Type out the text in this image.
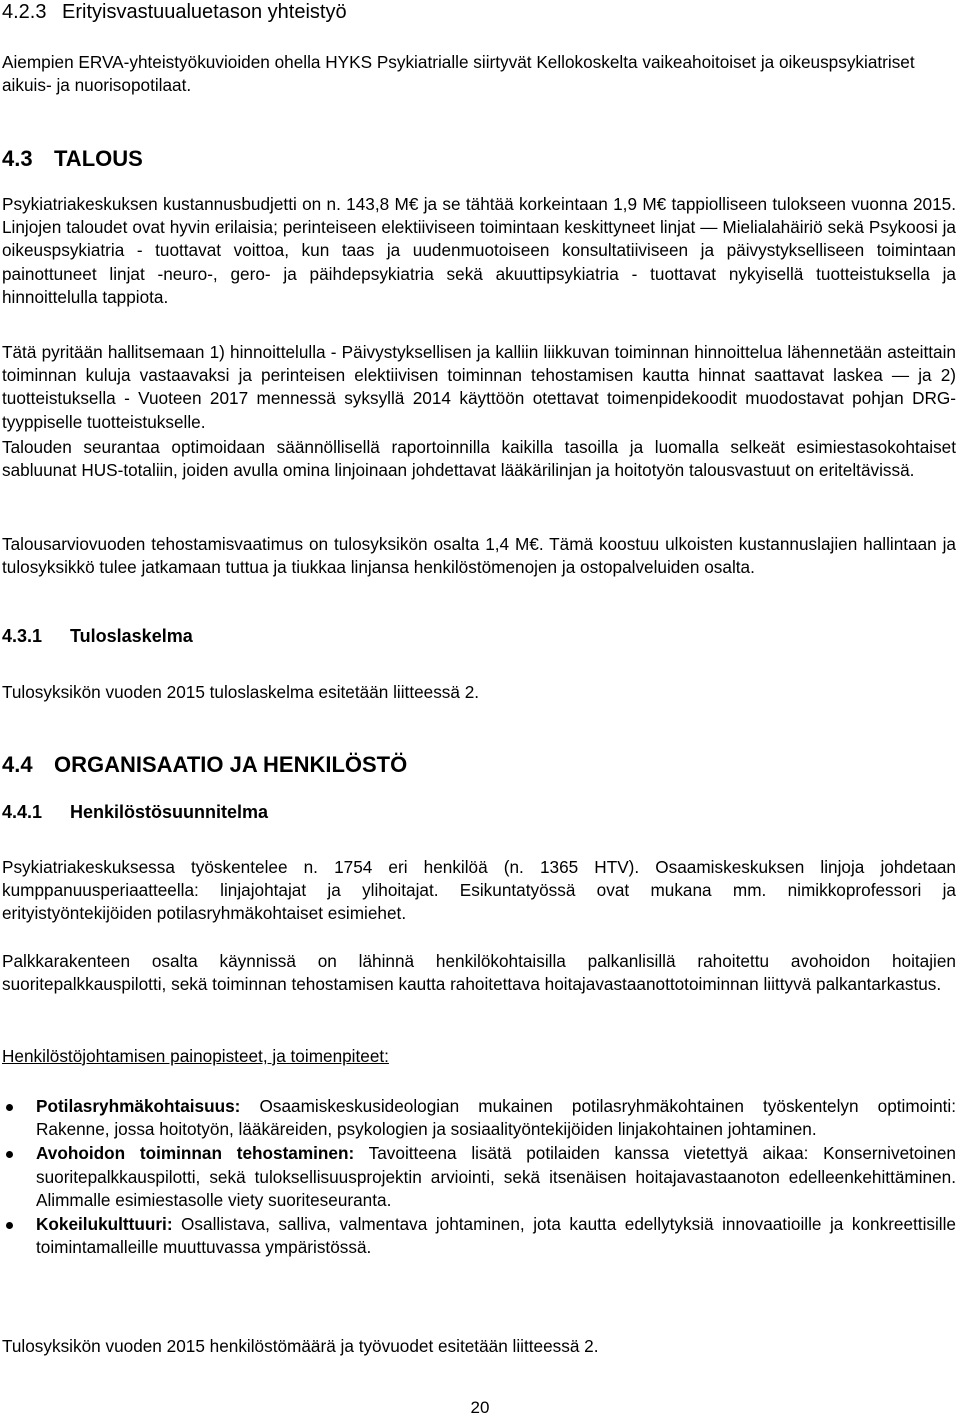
4.2.3 Erityisvastuualuetason yhteistyö

Aiempien ERVA-yhteistyökuvioiden ohella HYKS Psykiatrialle siirtyvät Kellokoskelta vaikeahoitoiset ja oikeuspsykiatriset aikuis- ja nuorisopotilaat.

4.3 TALOUS

Psykiatriakeskuksen kustannusbudjetti on n. 143,8 M€ ja se tähtää korkeintaan 1,9 M€ tappiolliseen tulokseen vuonna 2015. Linjojen taloudet ovat hyvin erilaisia; perinteiseen elektiiviseen toimintaan keskittyneet linjat — Mielialahäiriö sekä Psykoosi ja oikeuspsykiatria - tuottavat voittoa, kun taas ja uudenmuotoiseen konsultatiiviseen ja päivystykselliseen toimintaan painottuneet linjat -neuro-, gero- ja päihdepsykiatria sekä akuuttipsykiatria - tuottavat nykyisellä tuotteistuksella ja hinnoittelulla tappiota.

Tätä pyritään hallitsemaan 1) hinnoittelulla - Päivystyksellisen ja kalliin liikkuvan toiminnan hinnoittelua lähennetään asteittain toiminnan kuluja vastaavaksi ja perinteisen elektiivisen toiminnan tehostamisen kautta hinnat saattavat laskea — ja 2) tuotteistuksella - Vuoteen 2017 mennessä syksyllä 2014 käyttöön otettavat toimenpidekoodit muodostavat pohjan DRG-tyyppiselle tuotteistukselle.

Talouden seurantaa optimoidaan säännöllisellä raportoinnilla kaikilla tasoilla ja luomalla selkeät esimiestasokohtaiset sabluunat HUS-totaliin, joiden avulla omina linjoinaan johdettavat lääkärilinjan ja hoitotyön talousvastuut on eriteltävissä.

Talousarviovuoden tehostamisvaatimus on tulosyksikön osalta 1,4 M€. Tämä koostuu ulkoisten kustannuslajien hallintaan ja tulosyksikkö tulee jatkamaan tuttua ja tiukkaa linjansa henkilöstömenojen ja ostopalveluiden osalta.

4.3.1 Tuloslaskelma

Tulosyksikön vuoden 2015 tuloslaskelma esitetään liitteessä 2.

4.4 ORGANISAATIO JA HENKILÖSTÖ
4.4.1 Henkilöstösuunnitelma

Psykiatriakeskuksessa työskentelee n. 1754 eri henkilöä (n. 1365 HTV). Osaamiskeskuksen linjoja johdetaan kumppanuusperiaatteella: linjajohtajat ja ylihoitajat. Esikuntatyössä ovat mukana mm. nimikkoprofessori ja erityistyöntekijöiden potilasryhmäkohtaiset esimiehet.

Palkkarakenteen osalta käynnissä on lähinnä henkilökohtaisilla palkanlisillä rahoitettu avohoidon hoitajien suoritepalkkauspilotti, sekä toiminnan tehostamisen kautta rahoitettava hoitajavastaanottotoiminnan liittyvä palkantarkastus.

Henkilöstöjohtamisen painopisteet, ja toimenpiteet:

Potilasryhmäkohtaisuus: Osaamiskeskusideologian mukainen potilasryhmäkohtainen työskentelyn optimointi: Rakenne, jossa hoitotyön, lääkäreiden, psykologien ja sosiaalityöntekijöiden linjakohtainen johtaminen.
Avohoidon toiminnan tehostaminen: Tavoitteena lisätä potilaiden kanssa vietettyä aikaa: Konsernivetoinen suoritepalkkauspilotti, sekä tuloksellisuusprojektin arviointi, sekä itsenäisen hoitajavastaanoton edelleenkehittäminen. Alimmalle esimiestasolle viety suoriteseuranta.
Kokeilukulttuuri: Osallistava, salliva, valmentava johtaminen, jota kautta edellytyksiä innovaatioille ja konkreettisille toimintamalleille muuttuvassa ympäristössä.

Tulosyksikön vuoden 2015 henkilöstömäärä ja työvuodet esitetään liitteessä 2.

20
